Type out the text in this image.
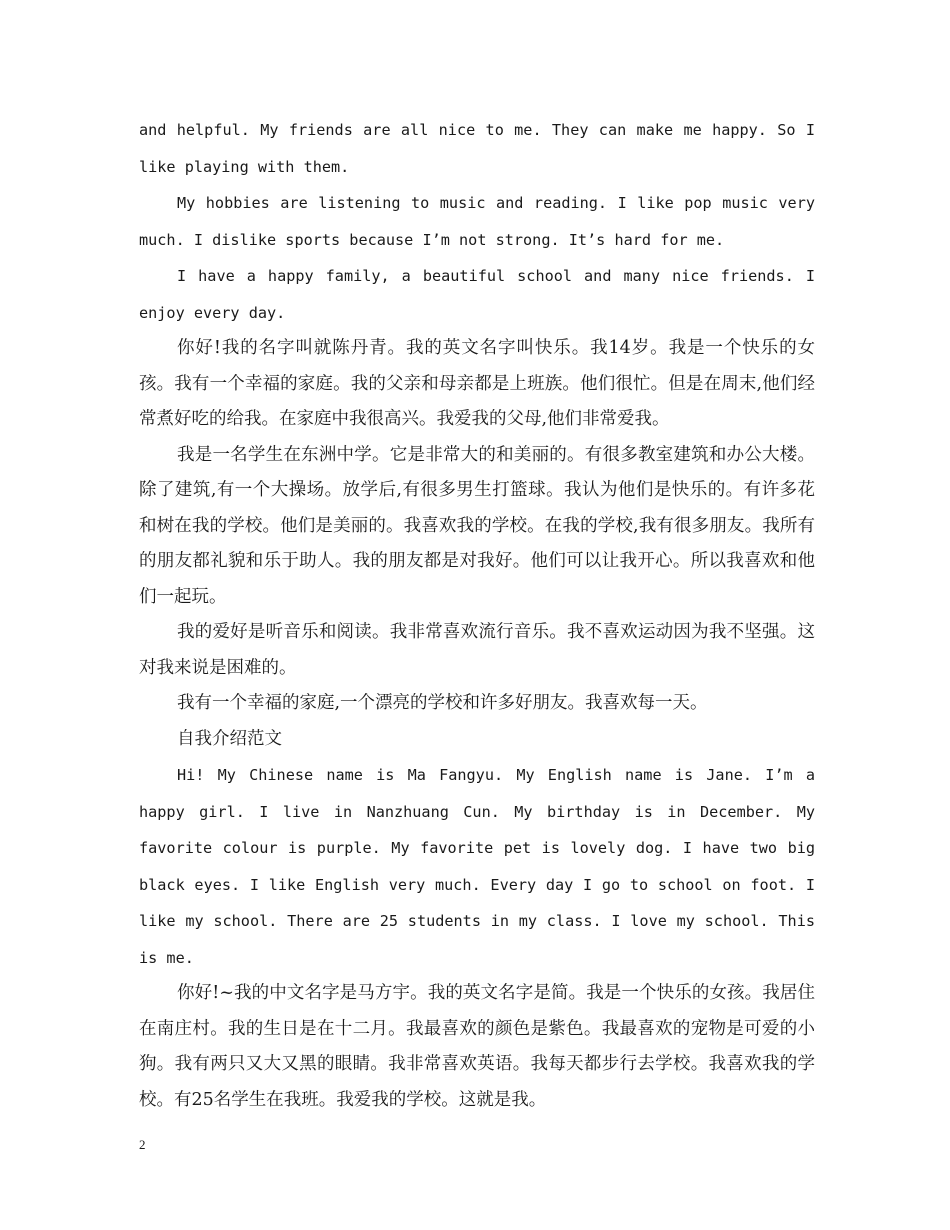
and helpful. My friends are all nice to me. They can make me happy. So I like playing with them.

My hobbies are listening to music and reading. I like pop music very much. I dislike sports because I’m not strong. It’s hard for me.

I have a happy family, a beautiful school and many nice friends. I enjoy every day.

你好!我的名字叫就陈丹青。我的英文名字叫快乐。我14岁。我是一个快乐的女孩。我有一个幸福的家庭。我的父亲和母亲都是上班族。他们很忙。但是在周末,他们经常煮好吃的给我。在家庭中我很高兴。我爱我的父母,他们非常爱我。

我是一名学生在东洲中学。它是非常大的和美丽的。有很多教室建筑和办公大楼。除了建筑,有一个大操场。放学后,有很多男生打篮球。我认为他们是快乐的。有许多花和树在我的学校。他们是美丽的。我喜欢我的学校。在我的学校,我有很多朋友。我所有的朋友都礼貌和乐于助人。我的朋友都是对我好。他们可以让我开心。所以我喜欢和他们一起玩。

我的爱好是听音乐和阅读。我非常喜欢流行音乐。我不喜欢运动因为我不坚强。这对我来说是困难的。

我有一个幸福的家庭,一个漂亮的学校和许多好朋友。我喜欢每一天。

自我介绍范文

Hi! My Chinese name is Ma Fangyu. My English name is Jane. I’m a happy girl. I live in Nanzhuang Cun. My birthday is in December. My favorite colour is purple. My favorite pet is lovely dog. I have two big black eyes. I like English very much. Every day I go to school on foot. I like my school. There are 25 students in my class. I love my school. This is me.

你好!~我的中文名字是马方宇。我的英文名字是简。我是一个快乐的女孩。我居住在南庄村。我的生日是在十二月。我最喜欢的颜色是紫色。我最喜欢的宠物是可爱的小狗。我有两只又大又黑的眼睛。我非常喜欢英语。我每天都步行去学校。我喜欢我的学校。有25名学生在我班。我爱我的学校。这就是我。

2
